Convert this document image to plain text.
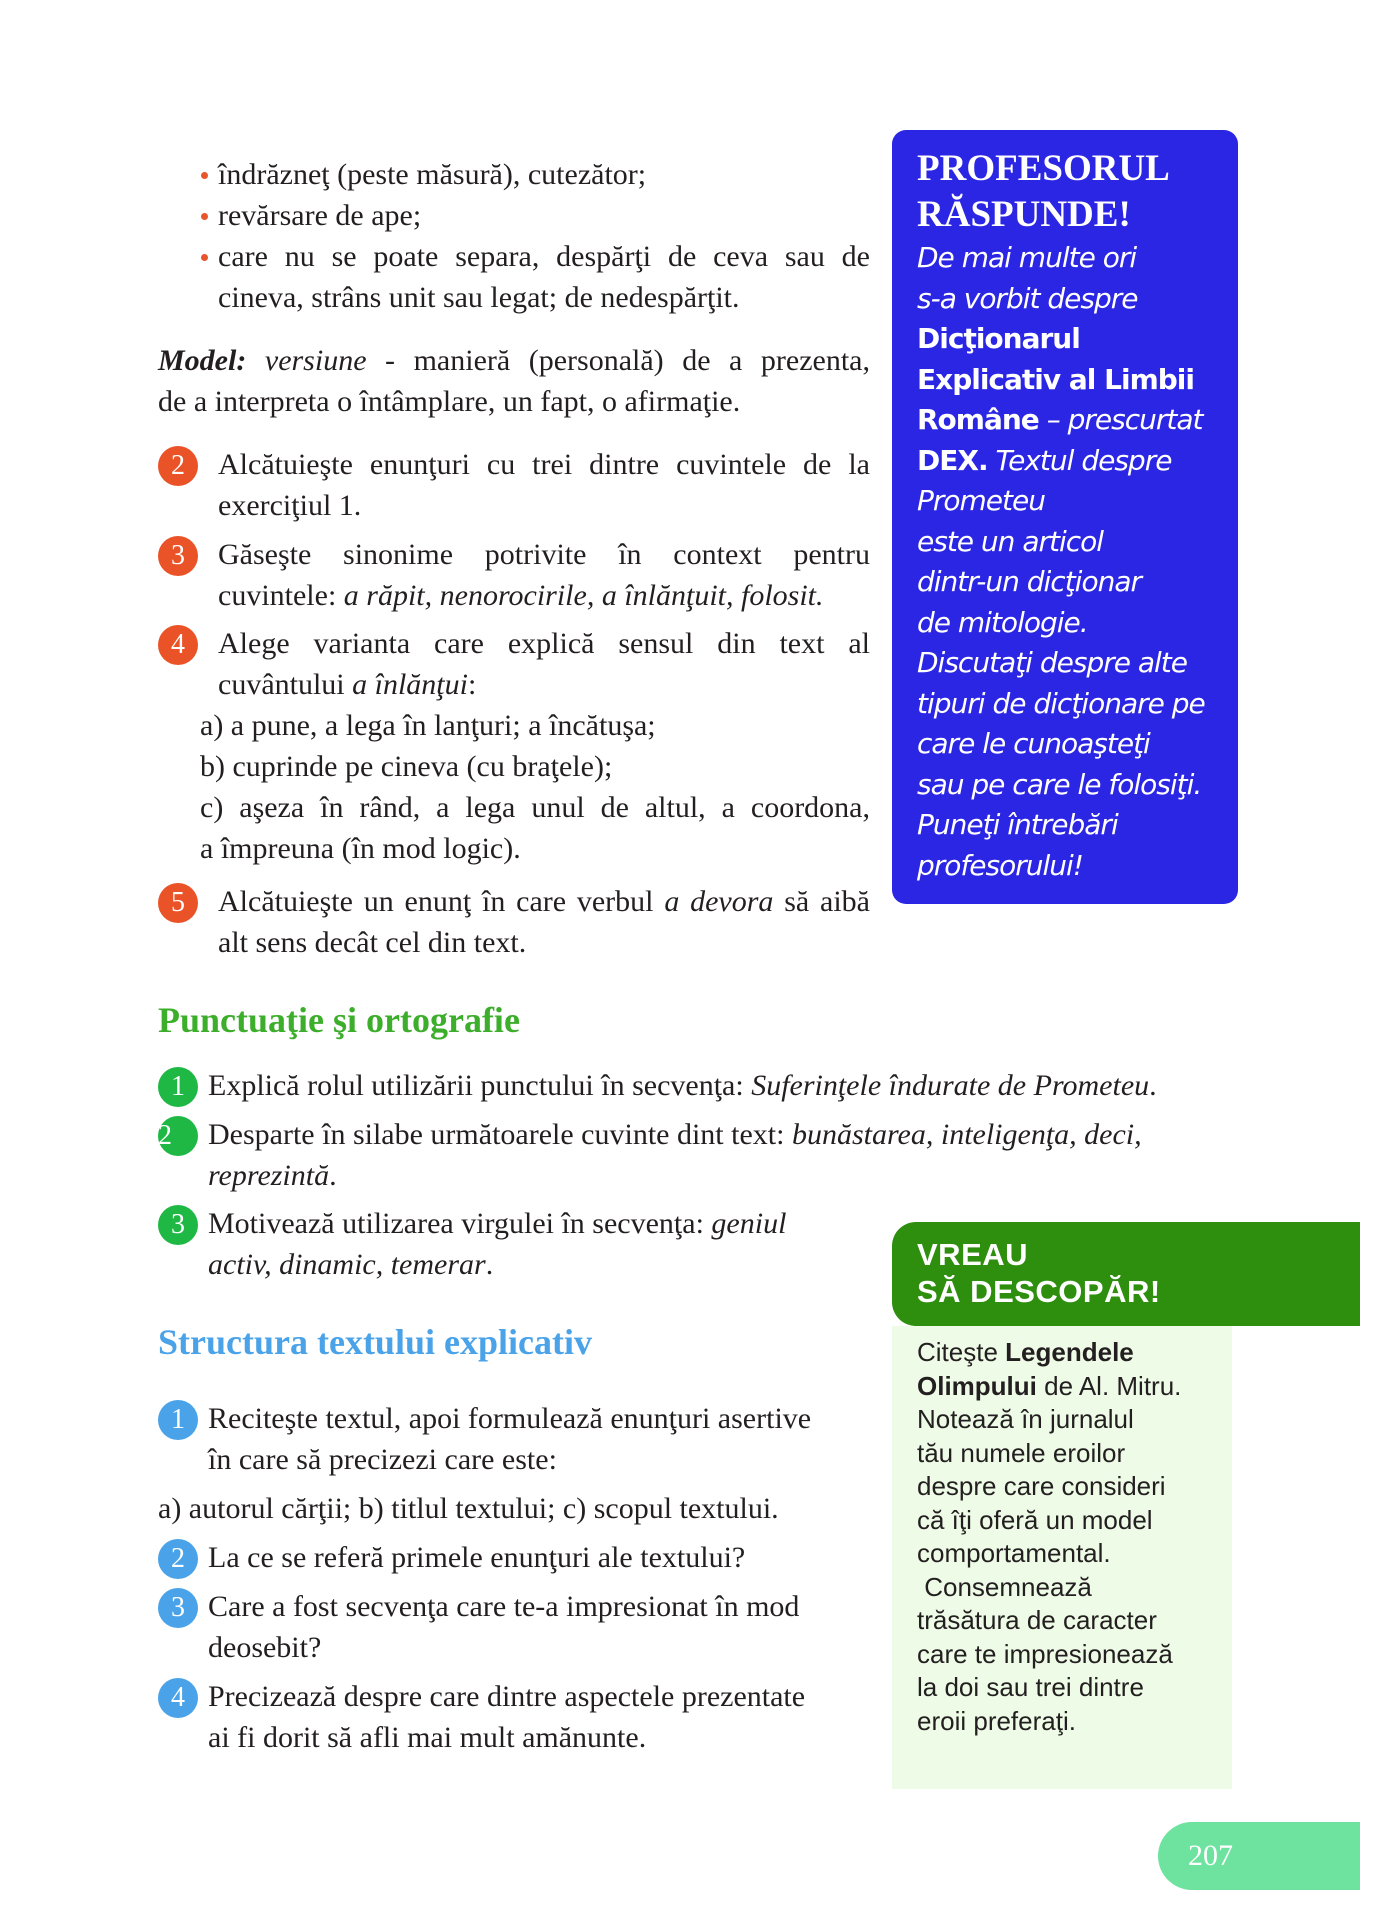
îndrăzneţ (peste măsură), cutezător;
revărsare de ape;
care nu se poate separa, despărţi de ceva sau de
cineva, strâns unit sau legat; de nedespărţit.
Model: versiune - manieră (personală) de a prezenta,
de a interpreta o întâmplare, un fapt, o afirmaţie.
2	Alcătuieşte enunţuri cu trei dintre cuvintele de la exerciţiul 1.
3	Găseşte sinonime potrivite în context pentru cuvintele: a răpit, nenorocirile, a înlănţuit, folosit.
4	Alege varianta care explică sensul din text al cuvântului a înlănţui:
a) a pune, a lega în lanţuri; a încătuşa;
b) cuprinde pe cineva (cu braţele);
c) aşeza în rând, a lega unul de altul, a coordona,
a împreuna (în mod logic).
5	Alcătuieşte un enunţ în care verbul a devora să aibă alt sens decât cel din text.
PROFESORUL
RĂSPUNDE!
De mai multe ori
s-a vorbit despre
Dicţionarul
Explicativ al Limbii
Române – prescurtat
DEX. Textul despre
Prometeu
este un articol
dintr-un dicţionar
de mitologie.
Discutaţi despre alte
tipuri de dicţionare pe
care le cunoaşteţi
sau pe care le folosiţi.
Puneţi întrebări
profesorului!
Punctuaţie şi ortografie
1 Explică rolul utilizării punctului în secvenţa: Suferinţele îndurate de Prometeu.
2	Desparte în silabe următoarele cuvinte dint text: bunăstarea, inteligenţa, deci,
reprezintă.
3 Motivează utilizarea virgulei în secvenţa: geniul
activ, dinamic, temerar.
Structura textului explicativ
1 Reciteşte textul, apoi formulează enunţuri asertive
în care să precizezi care este:
a) autorul cărţii; b) titlul textului; c) scopul textului.
2 La ce se referă primele enunţuri ale textului?
3 Care a fost secvenţa care te-a impresionat în mod
deosebit?
4 Precizează despre care dintre aspectele prezentate
ai fi dorit să afli mai mult amănunte.
VREAU
SĂ DESCOPĂR!
Citeşte Legendele
Olimpului de Al. Mitru.
Notează în jurnalul
tău numele eroilor
despre care consideri
că îţi oferă un model
comportamental.
Consemnează
trăsătura de caracter
care te impresionează
la doi sau trei dintre
eroii preferaţi.
207
